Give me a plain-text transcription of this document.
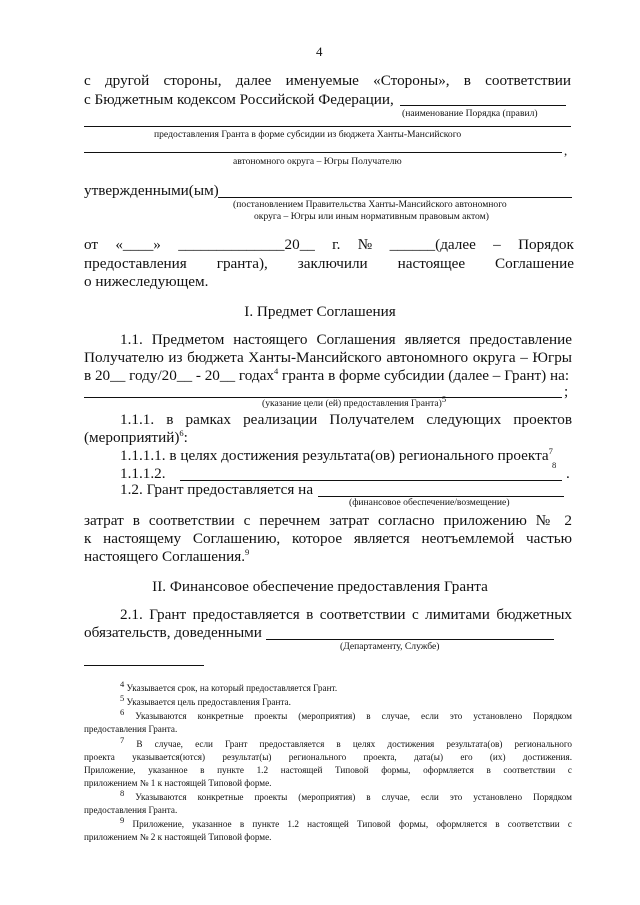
4
с другой стороны, далее именуемые «Стороны», в соответствии
с Бюджетным кодексом Российской Федерации,
(наименование Порядка (правил)
предоставления Гранта в форме субсидии из бюджета Ханты-Мансийского
,
автономного округа – Югры Получателю
утвержденными(ым)
(постановлением Правительства Ханты-Мансийского автономного
округа – Югры или иным нормативным правовым актом)
от «____» ______________20__ г. № ______(далее – Порядок
предоставления гранта), заключили настоящее Соглашение
о нижеследующем.
I. Предмет Соглашения
1.1. Предметом настоящего Соглашения является предоставление
Получателю из бюджета Ханты-Мансийского автономного округа – Югры
в 20__ году/20__ - 20__ годах$^4$ гранта в форме субсидии (далее – Грант) на:
;
(указание цели (ей) предоставления Гранта)$^5$
1.1.1. в рамках реализации Получателем следующих проектов
(мероприятий)$^6$:
1.1.1.1. в целях достижения результата(ов) регионального проекта$^7$
1.1.1.2.
$^8$
.
1.2. Грант предоставляется на
(финансовое обеспечение/возмещение)
затрат в соответствии с перечнем затрат согласно приложению № 2
к настоящему Соглашению, которое является неотъемлемой частью
настоящего Соглашения.$^9$
II. Финансовое обеспечение предоставления Гранта
2.1. Грант предоставляется в соответствии с лимитами бюджетных
обязательств, доведенными
(Департаменту, Службе)
$^4$ Указывается срок, на который предоставляется Грант.
$^5$ Указывается цель предоставления Гранта.
$^6$ Указываются конкретные проекты (мероприятия) в случае, если это установлено Порядком
предоставления Гранта.
$^7$ В случае, если Грант предоставляется в целях достижения результата(ов) регионального
проекта указывается(ются) результат(ы) регионального проекта, дата(ы) его (их) достижения.
Приложение, указанное в пункте 1.2 настоящей Типовой формы, оформляется в соответствии с
приложением № 1 к настоящей Типовой форме.
$^8$ Указываются конкретные проекты (мероприятия) в случае, если это установлено Порядком
предоставления Гранта.
$^9$ Приложение, указанное в пункте 1.2 настоящей Типовой формы, оформляется в соответствии с
приложением № 2 к настоящей Типовой форме.
